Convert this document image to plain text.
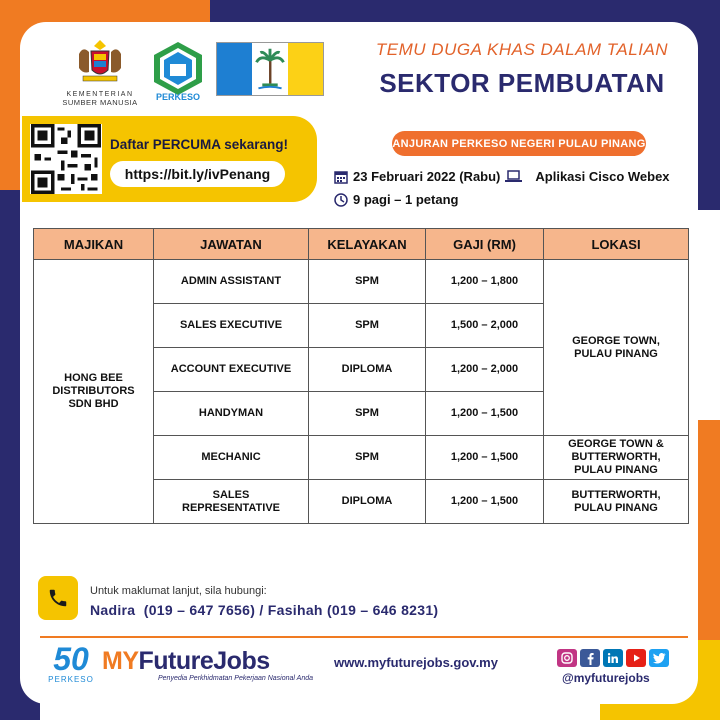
KEMENTERIAN
SUMBER MANUSIA
PERKESO
TEMU DUGA KHAS DALAM TALIAN
SEKTOR PEMBUATAN
Daftar PERCUMA sekarang!
https://bit.ly/ivPenang
ANJURAN PERKESO NEGERI PULAU PINANG
23 Februari 2022 (Rabu)	Aplikasi Cisco Webex
9 pagi – 1 petang
MAJIKAN	JAWATAN	KELAYAKAN	GAJI (RM)	LOKASI
HONG BEE DISTRIBUTORS SDN BHD	ADMIN ASSISTANT	SPM	1,200 – 1,800	GEORGE TOWN, PULAU PINANG
	SALES EXECUTIVE	SPM	1,500 – 2,000	
	ACCOUNT EXECUTIVE	DIPLOMA	1,200 – 2,000	
	HANDYMAN	SPM	1,200 – 1,500	
	MECHANIC	SPM	1,200 – 1,500	GEORGE TOWN & BUTTERWORTH, PULAU PINANG
	SALES REPRESENTATIVE	DIPLOMA	1,200 – 1,500	BUTTERWORTH, PULAU PINANG
Untuk maklumat lanjut, sila hubungi:
Nadira  (019 – 647 7656) / Fasihah (019 – 646 8231)
50
PERKESO
MYFutureJobs
Penyedia Perkhidmatan Pekerjaan Nasional Anda
www.myfuturejobs.gov.my
@myfuturejobs
